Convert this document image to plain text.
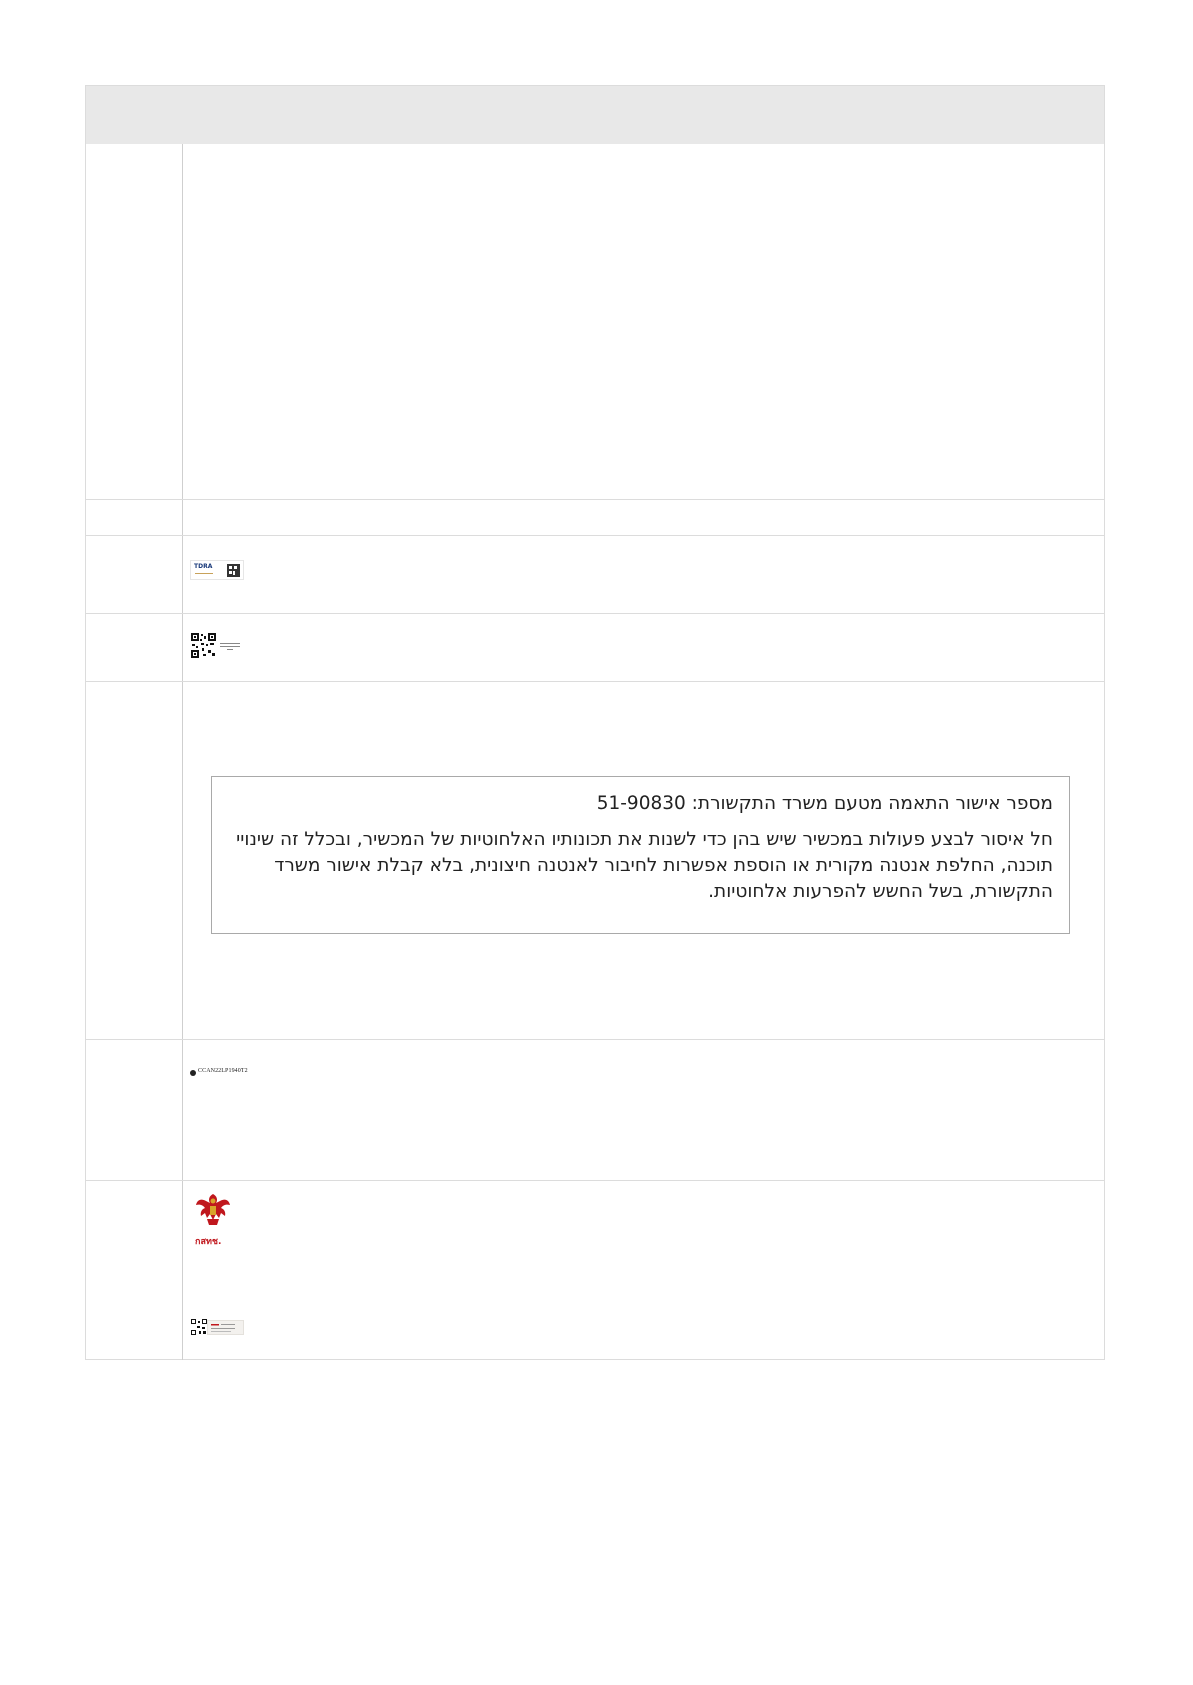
TDRA
מספר אישור התאמה מטעם משרד התקשורת: 51-90830
חל איסור לבצע פעולות במכשיר שיש בהן כדי לשנות את תכונותיו האלחוטיות של המכשיר, ובכלל זה שינויי תוכנה, החלפת אנטנה מקורית או הוספת אפשרות לחיבור לאנטנה חיצונית, בלא קבלת אישור משרד התקשורת, בשל החשש להפרעות אלחוטיות.
CCAN22LP1940T2
กสทช.
